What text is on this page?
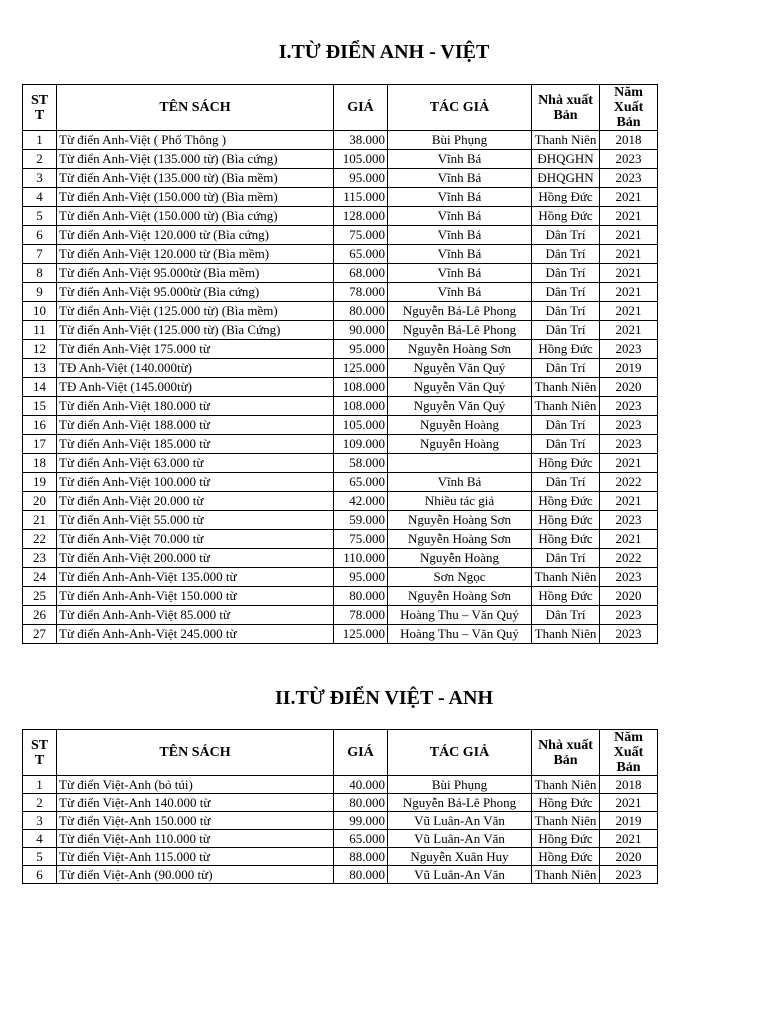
I.TỪ ĐIỂN ANH - VIỆT
ST T	TÊN SÁCH	GIÁ	TÁC GIẢ	Nhà xuất Bản	Năm Xuất Bản
1	Từ điển Anh-Việt ( Phổ Thông )	38.000	Bùi Phụng	Thanh Niên	2018
2	Từ điển Anh-Việt (135.000 từ) (Bìa cứng)	105.000	Vĩnh Bá	ĐHQGHN	2023
3	Từ điển Anh-Việt (135.000 từ) (Bìa mềm)	95.000	Vĩnh Bá	ĐHQGHN	2023
4	Từ điển Anh-Việt (150.000 từ) (Bìa mềm)	115.000	Vĩnh Bá	Hồng Đức	2021
5	Từ điển Anh-Việt (150.000 từ) (Bìa cứng)	128.000	Vĩnh Bá	Hồng Đức	2021
6	Từ điển Anh-Việt 120.000 từ (Bìa cứng)	75.000	Vĩnh Bá	Dân Trí	2021
7	Từ điển Anh-Việt 120.000 từ (Bìa mềm)	65.000	Vĩnh Bá	Dân Trí	2021
8	Từ điển Anh-Việt 95.000từ (Bìa mềm)	68.000	Vĩnh Bá	Dân Trí	2021
9	Từ điển Anh-Việt 95.000từ (Bìa cứng)	78.000	Vĩnh Bá	Dân Trí	2021
10	Từ điển Anh-Việt (125.000 từ) (Bìa mềm)	80.000	Nguyễn Bá-Lê Phong	Dân Trí	2021
11	Từ điển Anh-Việt (125.000 từ) (Bìa Cứng)	90.000	Nguyễn Bá-Lê Phong	Dân Trí	2021
12	Từ điển Anh-Việt 175.000 từ	95.000	Nguyễn Hoàng Sơn	Hồng Đức	2023
13	TĐ Anh-Việt (140.000từ)	125.000	Nguyễn Văn Quý	Dân Trí	2019
14	TĐ Anh-Việt (145.000từ)	108.000	Nguyễn Văn Quý	Thanh Niên	2020
15	Từ điển Anh-Việt 180.000 từ	108.000	Nguyễn Văn Quý	Thanh Niên	2023
16	Từ điển Anh-Việt 188.000 từ	105.000	Nguyễn Hoàng	Dân Trí	2023
17	Từ điển Anh-Việt 185.000 từ	109.000	Nguyễn Hoàng	Dân Trí	2023
18	Từ điển Anh-Việt 63.000 từ	58.000		Hồng Đức	2021
19	Từ điển Anh-Việt 100.000 từ	65.000	Vĩnh Bá	Dân Trí	2022
20	Từ điển Anh-Việt 20.000 từ	42.000	Nhiều tác giả	Hồng Đức	2021
21	Từ điển Anh-Việt 55.000 từ	59.000	Nguyễn Hoàng Sơn	Hồng Đức	2023
22	Từ điển Anh-Việt 70.000 từ	75.000	Nguyễn Hoàng Sơn	Hồng Đức	2021
23	Từ điển Anh-Việt 200.000 từ	110.000	Nguyễn Hoàng	Dân Trí	2022
24	Từ điển Anh-Anh-Việt 135.000 từ	95.000	Sơn Ngọc	Thanh Niên	2023
25	Từ điển Anh-Anh-Việt 150.000 từ	80.000	Nguyễn Hoàng Sơn	Hồng Đức	2020
26	Từ điển Anh-Anh-Việt 85.000 từ	78.000	Hoàng Thu – Văn Quý	Dân Trí	2023
27	Từ điển Anh-Anh-Việt 245.000 từ	125.000	Hoàng Thu – Văn Quý	Thanh Niên	2023
II.TỪ ĐIỂN VIỆT - ANH
ST T	TÊN SÁCH	GIÁ	TÁC GIẢ	Nhà xuất Bản	Năm Xuất Bản
1	Từ điển Việt-Anh (bỏ túi)	40.000	Bùi Phụng	Thanh Niên	2018
2	Từ điển Việt-Anh 140.000 từ	80.000	Nguyễn Bá-Lê Phong	Hồng Đức	2021
3	Từ điển Việt-Anh 150.000 từ	99.000	Vũ Luân-An Văn	Thanh Niên	2019
4	Từ điển Việt-Anh 110.000 từ	65.000	Vũ Luân-An Văn	Hồng Đức	2021
5	Từ điển Việt-Anh 115.000 từ	88.000	Nguyễn Xuân Huy	Hồng Đức	2020
6	Từ điển Việt-Anh (90.000 từ)	80.000	Vũ Luân-An Văn	Thanh Niên	2023
